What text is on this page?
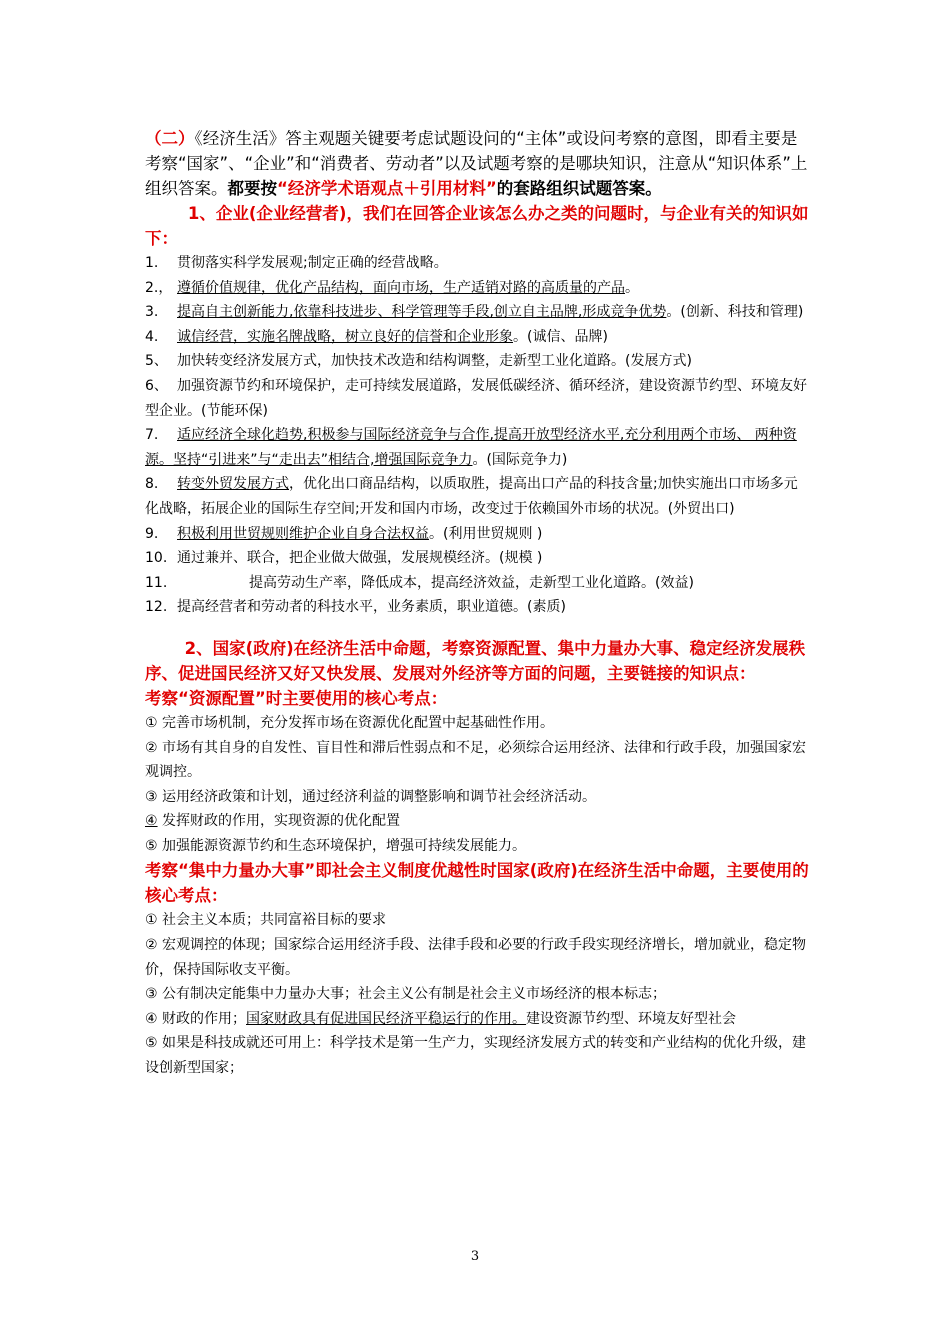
（二）《经济生活》答主观题关键要考虑试题设问的“主体”或设问考察的意图，即看主要是考察“国家”、“企业”和“消费者、劳动者”以及试题考察的是哪块知识，注意从“知识体系”上组织答案。都要按“经济学术语观点＋引用材料”的套路组织试题答案。

1、企业(企业经营者)，我们在回答企业该怎么办之类的问题时，与企业有关的知识如下：

1. 贯彻落实科学发展观;制定正确的经营战略。

2.， 遵循价值规律，优化产品结构，面向市场，生产适销对路的高质量的产品。

3. 提高自主创新能力,依靠科技进步、科学管理等手段,创立自主品牌,形成竞争优势。(创新、科技和管理)

4. 诚信经营，实施名牌战略，树立良好的信誉和企业形象。(诚信、品牌)

5、 加快转变经济发展方式，加快技术改造和结构调整，走新型工业化道路。(发展方式)

6、 加强资源节约和环境保护，走可持续发展道路，发展低碳经济、循环经济，建设资源节约型、环境友好型企业。(节能环保)

7. 适应经济全球化趋势,积极参与国际经济竞争与合作,提高开放型经济水平,充分利用两个市场、 两种资源。坚持“引进来”与“走出去”相结合,增强国际竞争力。(国际竞争力)

8. 转变外贸发展方式，优化出口商品结构，以质取胜，提高出口产品的科技含量;加快实施出口市场多元化战略，拓展企业的国际生存空间;开发和国内市场，改变过于依赖国外市场的状况。(外贸出口)

9. 积极利用世贸规则维护企业自身合法权益。(利用世贸规则 )

10. 通过兼并、联合，把企业做大做强，发展规模经济。(规模 )

11.	提高劳动生产率，降低成本，提高经济效益，走新型工业化道路。(效益)

12. 提高经营者和劳动者的科技水平，业务素质，职业道德。(素质)

2、国家(政府)在经济生活中命题，考察资源配置、集中力量办大事、稳定经济发展秩序、促进国民经济又好又快发展、发展对外经济等方面的问题，主要链接的知识点：

考察“资源配置”时主要使用的核心考点：

① 完善市场机制，充分发挥市场在资源优化配置中起基础性作用。

② 市场有其自身的自发性、盲目性和滞后性弱点和不足，必须综合运用经济、法律和行政手段，加强国家宏观调控。

③ 运用经济政策和计划，通过经济利益的调整影响和调节社会经济活动。

④ 发挥财政的作用，实现资源的优化配置

⑤ 加强能源资源节约和生态环境保护，增强可持续发展能力。

考察“集中力量办大事”即社会主义制度优越性时国家(政府)在经济生活中命题，主要使用的核心考点：

① 社会主义本质；共同富裕目标的要求

② 宏观调控的体现；国家综合运用经济手段、法律手段和必要的行政手段实现经济增长，增加就业，稳定物价，保持国际收支平衡。

③ 公有制决定能集中力量办大事；社会主义公有制是社会主义市场经济的根本标志；

④ 财政的作用；国家财政具有促进国民经济平稳运行的作用。建设资源节约型、环境友好型社会

⑤ 如果是科技成就还可用上：科学技术是第一生产力，实现经济发展方式的转变和产业结构的优化升级，建设创新型国家；

3
